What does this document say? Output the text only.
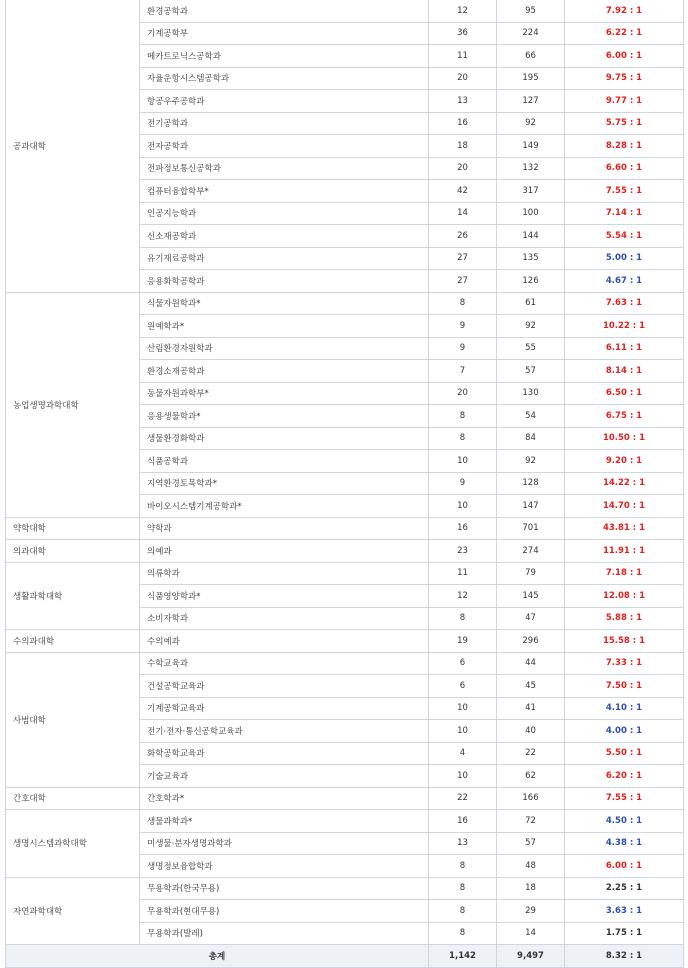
공과대학	환경공학과	12	95	7.92 : 1
	기계공학부	36	224	6.22 : 1
	메카트로닉스공학과	11	66	6.00 : 1
	자율운항시스템공학과	20	195	9.75 : 1
	항공우주공학과	13	127	9.77 : 1
	전기공학과	16	92	5.75 : 1
	전자공학과	18	149	8.28 : 1
	전파정보통신공학과	20	132	6.60 : 1
	컴퓨터융합학부*	42	317	7.55 : 1
	인공지능학과	14	100	7.14 : 1
	신소재공학과	26	144	5.54 : 1
	유기재료공학과	27	135	5.00 : 1
	응용화학공학과	27	126	4.67 : 1
농업생명과학대학	식물자원학과*	8	61	7.63 : 1
	원예학과*	9	92	10.22 : 1
	산림환경자원학과	9	55	6.11 : 1
	환경소재공학과	7	57	8.14 : 1
	동물자원과학부*	20	130	6.50 : 1
	응용생물학과*	8	54	6.75 : 1
	생물환경화학과	8	84	10.50 : 1
	식품공학과	10	92	9.20 : 1
	지역환경토목학과*	9	128	14.22 : 1
	바이오시스템기계공학과*	10	147	14.70 : 1
약학대학	약학과	16	701	43.81 : 1
의과대학	의예과	23	274	11.91 : 1
생활과학대학	의류학과	11	79	7.18 : 1
	식품영양학과*	12	145	12.08 : 1
	소비자학과	8	47	5.88 : 1
수의과대학	수의예과	19	296	15.58 : 1
사범대학	수학교육과	6	44	7.33 : 1
	건설공학교육과	6	45	7.50 : 1
	기계공학교육과	10	41	4.10 : 1
	전기·전자·통신공학교육과	10	40	4.00 : 1
	화학공학교육과	4	22	5.50 : 1
	기술교육과	10	62	6.20 : 1
간호대학	간호학과*	22	166	7.55 : 1
생명시스템과학대학	생물과학과*	16	72	4.50 : 1
	미생물·분자생명과학과	13	57	4.38 : 1
	생명정보융합학과	8	48	6.00 : 1
자연과학대학	무용학과(한국무용)	8	18	2.25 : 1
	무용학과(현대무용)	8	29	3.63 : 1
	무용학과(발레)	8	14	1.75 : 1
총계		1,142	9,497	8.32 : 1
